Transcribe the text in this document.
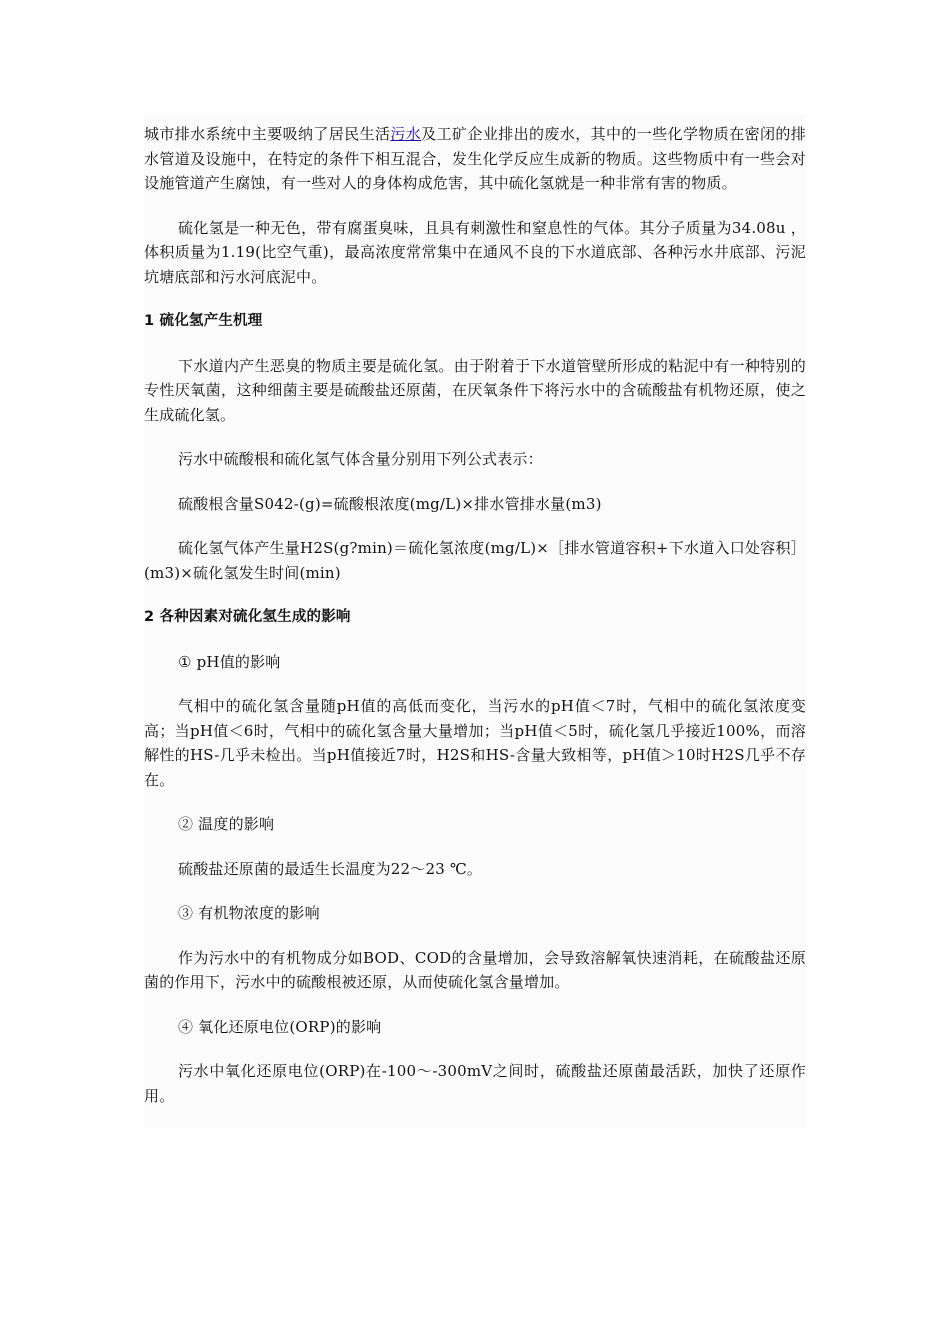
城市排水系统中主要吸纳了居民生活污水及工矿企业排出的废水，其中的一些化学物质在密闭的排水管道及设施中，在特定的条件下相互混合，发生化学反应生成新的物质。这些物质中有一些会对设施管道产生腐蚀，有一些对人的身体构成危害，其中硫化氢就是一种非常有害的物质。

硫化氢是一种无色，带有腐蛋臭味，且具有刺激性和窒息性的气体。其分子质量为34.08u ，体积质量为1.19(比空气重)，最高浓度常常集中在通风不良的下水道底部、各种污水井底部、污泥坑塘底部和污水河底泥中。

1 硫化氢产生机理

下水道内产生恶臭的物质主要是硫化氢。由于附着于下水道管壁所形成的粘泥中有一种特别的专性厌氧菌，这种细菌主要是硫酸盐还原菌，在厌氧条件下将污水中的含硫酸盐有机物还原，使之生成硫化氢。

污水中硫酸根和硫化氢气体含量分别用下列公式表示：

硫酸根含量S042-(g)=硫酸根浓度(mg/L)×排水管排水量(m3)

硫化氢气体产生量H2S(g?min)＝硫化氢浓度(mg/L)×［排水管道容积+下水道入口处容积］(m3)×硫化氢发生时间(min)

2 各种因素对硫化氢生成的影响

① pH值的影响

气相中的硫化氢含量随pH值的高低而变化，当污水的pH值＜7时，气相中的硫化氢浓度变高；当pH值＜6时，气相中的硫化氢含量大量增加；当pH值＜5时，硫化氢几乎接近100%，而溶解性的HS-几乎未检出。当pH值接近7时，H2S和HS-含量大致相等，pH值＞10时H2S几乎不存在。

② 温度的影响

硫酸盐还原菌的最适生长温度为22～23 ℃。

③ 有机物浓度的影响

作为污水中的有机物成分如BOD、COD的含量增加，会导致溶解氧快速消耗，在硫酸盐还原菌的作用下，污水中的硫酸根被还原，从而使硫化氢含量增加。

④ 氧化还原电位(ORP)的影响

污水中氧化还原电位(ORP)在-100～-300mV之间时，硫酸盐还原菌最活跃，加快了还原作用。
